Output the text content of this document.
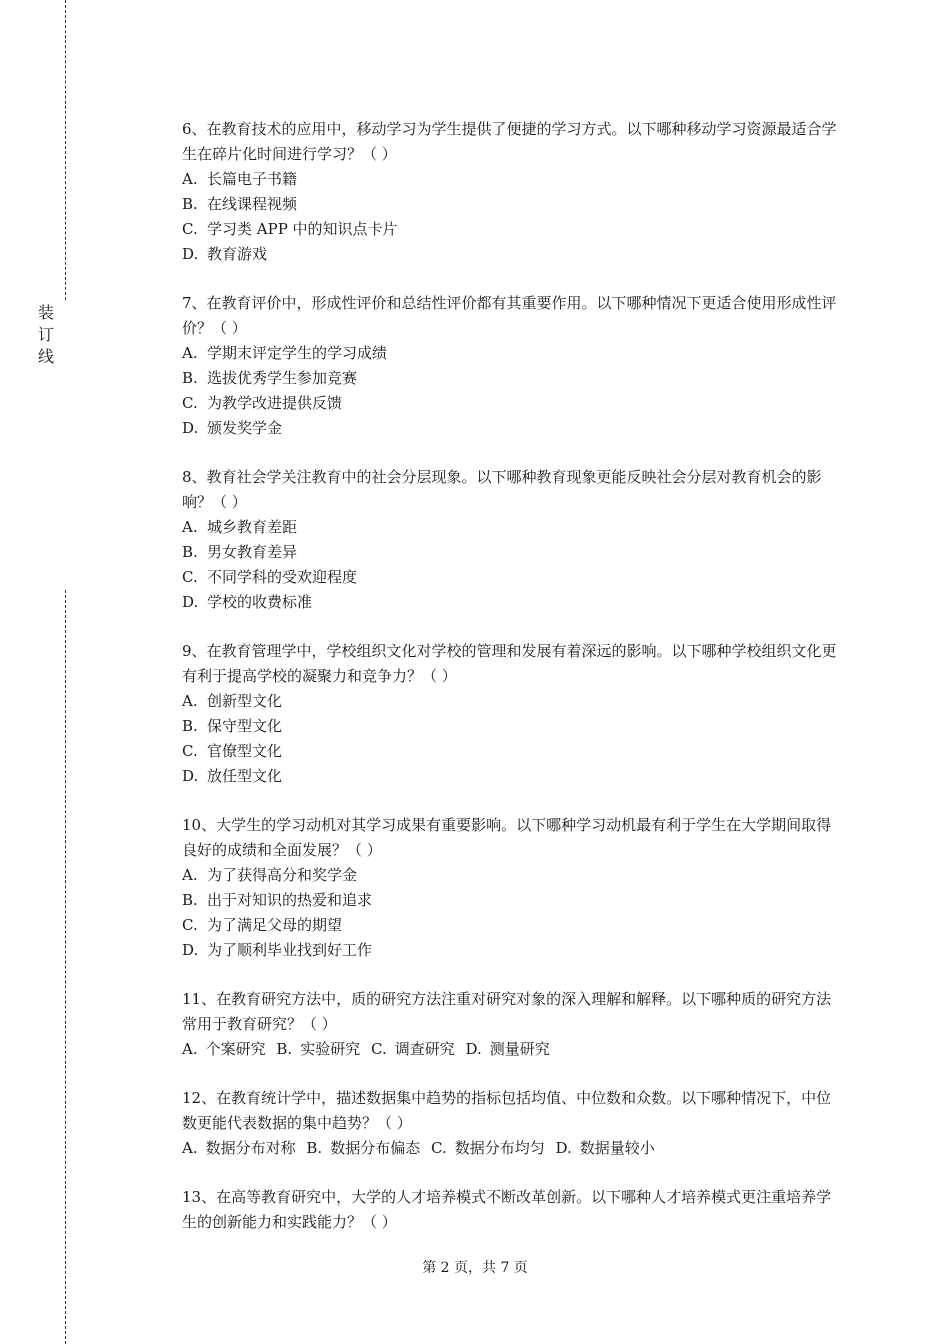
装
订
线
6、在教育技术的应用中，移动学习为学生提供了便捷的学习方式。以下哪种移动学习资源最适合学生在碎片化时间进行学习？（ ）
A. 长篇电子书籍
B. 在线课程视频
C. 学习类 APP 中的知识点卡片
D. 教育游戏
7、在教育评价中，形成性评价和总结性评价都有其重要作用。以下哪种情况下更适合使用形成性评价？（ ）
A. 学期末评定学生的学习成绩
B. 选拔优秀学生参加竞赛
C. 为教学改进提供反馈
D. 颁发奖学金
8、教育社会学关注教育中的社会分层现象。以下哪种教育现象更能反映社会分层对教育机会的影响？（ ）
A. 城乡教育差距
B. 男女教育差异
C. 不同学科的受欢迎程度
D. 学校的收费标准
9、在教育管理学中，学校组织文化对学校的管理和发展有着深远的影响。以下哪种学校组织文化更有利于提高学校的凝聚力和竞争力？（ ）
A. 创新型文化
B. 保守型文化
C. 官僚型文化
D. 放任型文化
10、大学生的学习动机对其学习成果有重要影响。以下哪种学习动机最有利于学生在大学期间取得良好的成绩和全面发展？（ ）
A. 为了获得高分和奖学金
B. 出于对知识的热爱和追求
C. 为了满足父母的期望
D. 为了顺利毕业找到好工作
11、在教育研究方法中，质的研究方法注重对研究对象的深入理解和解释。以下哪种质的研究方法常用于教育研究？（ ）
A. 个案研究 B. 实验研究 C. 调查研究 D. 测量研究
12、在教育统计学中，描述数据集中趋势的指标包括均值、中位数和众数。以下哪种情况下，中位数更能代表数据的集中趋势？（ ）
A. 数据分布对称 B. 数据分布偏态 C. 数据分布均匀 D. 数据量较小
13、在高等教育研究中，大学的人才培养模式不断改革创新。以下哪种人才培养模式更注重培养学生的创新能力和实践能力？（ ）
第 2 页，共 7 页
